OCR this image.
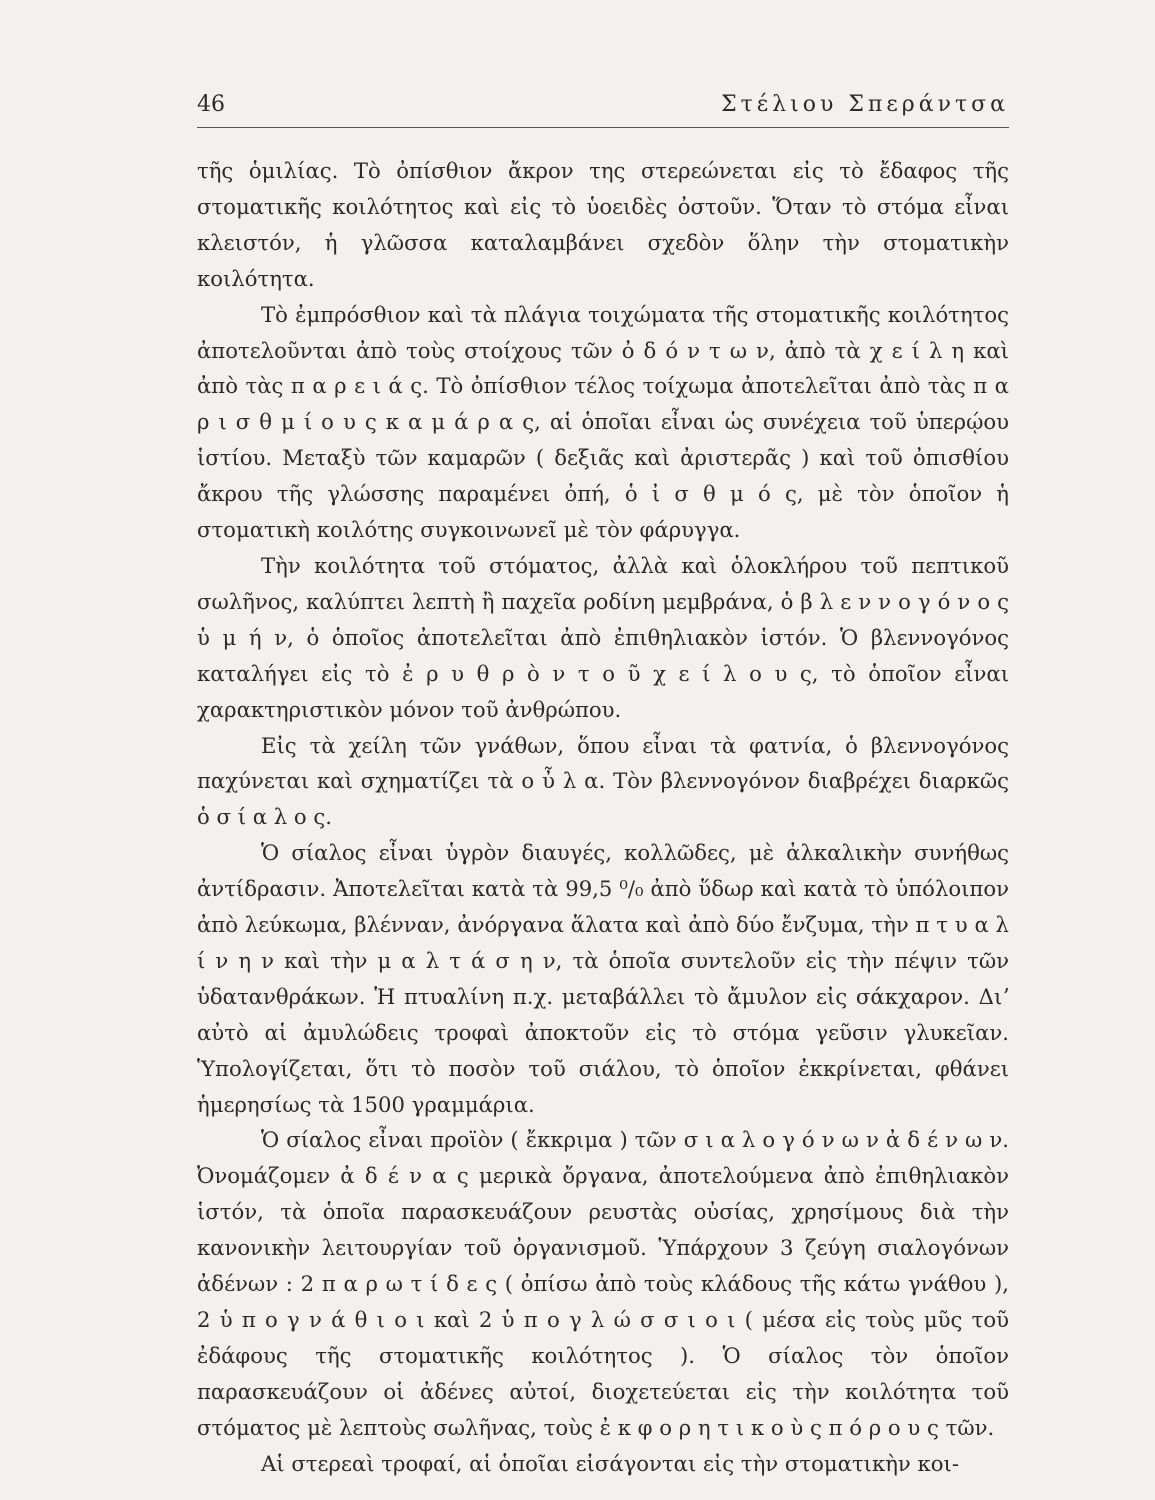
46	Στέλιου Σπεράντσα

τῆς ὁμιλίας. Τὸ ὀπίσθιον ἄκρον της στερεώνεται εἰς τὸ ἔδαφος τῆς στοματικῆς κοιλότητος καὶ εἰς τὸ ὑοειδὲς ὀστοῦν. Ὅταν τὸ στόμα εἶναι κλειστόν, ἡ γλῶσσα καταλαμβάνει σχεδὸν ὅλην τὴν στοματικὴν κοιλότητα.

Τὸ ἐμπρόσθιον καὶ τὰ πλάγια τοιχώματα τῆς στοματικῆς κοιλότητος ἀποτελοῦνται ἀπὸ τοὺς στοίχους τῶν ὀ δ ό ν τ ω ν, ἀπὸ τὰ χ ε ί λ η καὶ ἀπὸ τὰς π α ρ ε ι ά ς. Τὸ ὀπίσθιον τέλος τοίχωμα ἀποτελεῖται ἀπὸ τὰς π α ρ ι σ θ μ ί ο υ ς κ α μ ά ρ α ς, αἱ ὁποῖαι εἶναι ὡς συνέχεια τοῦ ὑπερῴου ἱστίου. Μεταξὺ τῶν καμαρῶν ( δεξιᾶς καὶ ἀριστερᾶς ) καὶ τοῦ ὀπισθίου ἄκρου τῆς γλώσσης παραμένει ὀπή, ὁ ἰ σ θ μ ό ς, μὲ τὸν ὁποῖον ἡ στοματικὴ κοιλότης συγκοινωνεῖ μὲ τὸν φάρυγγα.

Τὴν κοιλότητα τοῦ στόματος, ἀλλὰ καὶ ὁλοκλήρου τοῦ πεπτικοῦ σωλῆνος, καλύπτει λεπτὴ ἢ παχεῖα ροδίνη μεμβράνα, ὁ β λ ε ν ν ο γ ό ν ο ς ὑ μ ή ν, ὁ ὁποῖος ἀποτελεῖται ἀπὸ ἐπιθηλιακὸν ἱστόν. Ὁ βλεννογόνος καταλήγει εἰς τὸ ἐ ρ υ θ ρ ὸ ν τ ο ῦ χ ε ί λ ο υ ς, τὸ ὁποῖον εἶναι χαρακτηριστικὸν μόνον τοῦ ἀνθρώπου.

Εἰς τὰ χείλη τῶν γνάθων, ὅπου εἶναι τὰ φατνία, ὁ βλεννογόνος παχύνεται καὶ σχηματίζει τὰ ο ὖ λ α. Τὸν βλεννογόνον διαβρέχει διαρκῶς ὁ σ ί α λ ο ς.

Ὁ σίαλος εἶναι ὑγρὸν διαυγές, κολλῶδες, μὲ ἀλκαλικὴν συνήθως ἀντίδρασιν. Ἀποτελεῖται κατὰ τὰ 99,5 ⁰/₀ ἀπὸ ὕδωρ καὶ κατὰ τὸ ὑπόλοιπον ἀπὸ λεύκωμα, βλένναν, ἀνόργανα ἅλατα καὶ ἀπὸ δύο ἔνζυμα, τὴν π τ υ α λ ί ν η ν καὶ τὴν μ α λ τ ά σ η ν, τὰ ὁποῖα συντελοῦν εἰς τὴν πέψιν τῶν ὑδατανθράκων. Ἡ πτυαλίνη π.χ. μεταβάλλει τὸ ἄμυλον εἰς σάκχαρον. Διʼ αὐτὸ αἱ ἀμυλώδεις τροφαὶ ἀποκτοῦν εἰς τὸ στόμα γεῦσιν γλυκεῖαν. Ὑπολογίζεται, ὅτι τὸ ποσὸν τοῦ σιάλου, τὸ ὁποῖον ἐκκρίνεται, φθάνει ἡμερησίως τὰ 1500 γραμμάρια.

Ὁ σίαλος εἶναι προϊὸν ( ἔκκριμα ) τῶν σ ι α λ ο γ ό ν ω ν ἀ δ έ ν ω ν. Ὀνομάζομεν ἀ δ έ ν α ς μερικὰ ὄργανα, ἀποτελούμενα ἀπὸ ἐπιθηλιακὸν ἱστόν, τὰ ὁποῖα παρασκευάζουν ρευστὰς οὐσίας, χρησίμους διὰ τὴν κανονικὴν λειτουργίαν τοῦ ὀργανισμοῦ. Ὑπάρχουν 3 ζεύγη σιαλογόνων ἀδένων : 2 π α ρ ω τ ί δ ε ς ( ὀπίσω ἀπὸ τοὺς κλάδους τῆς κάτω γνάθου ), 2 ὑ π ο γ ν ά θ ι ο ι καὶ 2 ὑ π ο γ λ ώ σ σ ι ο ι ( μέσα εἰς τοὺς μῦς τοῦ ἐδάφους τῆς στοματικῆς κοιλότητος ). Ὁ σίαλος τὸν ὁποῖον παρασκευάζουν οἱ ἀδένες αὐτοί, διοχετεύεται εἰς τὴν κοιλότητα τοῦ στόματος μὲ λεπτοὺς σωλῆνας, τοὺς ἐ κ φ ο ρ η τ ι κ ο ὺ ς π ό ρ ο υ ς τῶν.

Αἱ στερεαὶ τροφαί, αἱ ὁποῖαι εἰσάγονται εἰς τὴν στοματικὴν κοι-
